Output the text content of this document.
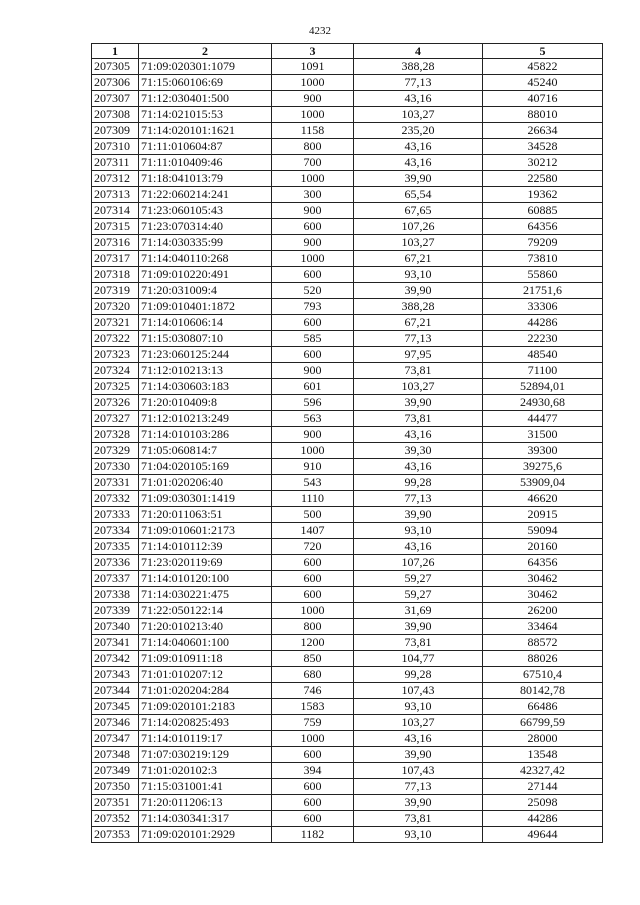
4232
1	2	3	4	5
207305	71:09:020301:1079	1091	388,28	45822
207306	71:15:060106:69	1000	77,13	45240
207307	71:12:030401:500	900	43,16	40716
207308	71:14:021015:53	1000	103,27	88010
207309	71:14:020101:1621	1158	235,20	26634
207310	71:11:010604:87	800	43,16	34528
207311	71:11:010409:46	700	43,16	30212
207312	71:18:041013:79	1000	39,90	22580
207313	71:22:060214:241	300	65,54	19362
207314	71:23:060105:43	900	67,65	60885
207315	71:23:070314:40	600	107,26	64356
207316	71:14:030335:99	900	103,27	79209
207317	71:14:040110:268	1000	67,21	73810
207318	71:09:010220:491	600	93,10	55860
207319	71:20:031009:4	520	39,90	21751,6
207320	71:09:010401:1872	793	388,28	33306
207321	71:14:010606:14	600	67,21	44286
207322	71:15:030807:10	585	77,13	22230
207323	71:23:060125:244	600	97,95	48540
207324	71:12:010213:13	900	73,81	71100
207325	71:14:030603:183	601	103,27	52894,01
207326	71:20:010409:8	596	39,90	24930,68
207327	71:12:010213:249	563	73,81	44477
207328	71:14:010103:286	900	43,16	31500
207329	71:05:060814:7	1000	39,30	39300
207330	71:04:020105:169	910	43,16	39275,6
207331	71:01:020206:40	543	99,28	53909,04
207332	71:09:030301:1419	1110	77,13	46620
207333	71:20:011063:51	500	39,90	20915
207334	71:09:010601:2173	1407	93,10	59094
207335	71:14:010112:39	720	43,16	20160
207336	71:23:020119:69	600	107,26	64356
207337	71:14:010120:100	600	59,27	30462
207338	71:14:030221:475	600	59,27	30462
207339	71:22:050122:14	1000	31,69	26200
207340	71:20:010213:40	800	39,90	33464
207341	71:14:040601:100	1200	73,81	88572
207342	71:09:010911:18	850	104,77	88026
207343	71:01:010207:12	680	99,28	67510,4
207344	71:01:020204:284	746	107,43	80142,78
207345	71:09:020101:2183	1583	93,10	66486
207346	71:14:020825:493	759	103,27	66799,59
207347	71:14:010119:17	1000	43,16	28000
207348	71:07:030219:129	600	39,90	13548
207349	71:01:020102:3	394	107,43	42327,42
207350	71:15:031001:41	600	77,13	27144
207351	71:20:011206:13	600	39,90	25098
207352	71:14:030341:317	600	73,81	44286
207353	71:09:020101:2929	1182	93,10	49644
